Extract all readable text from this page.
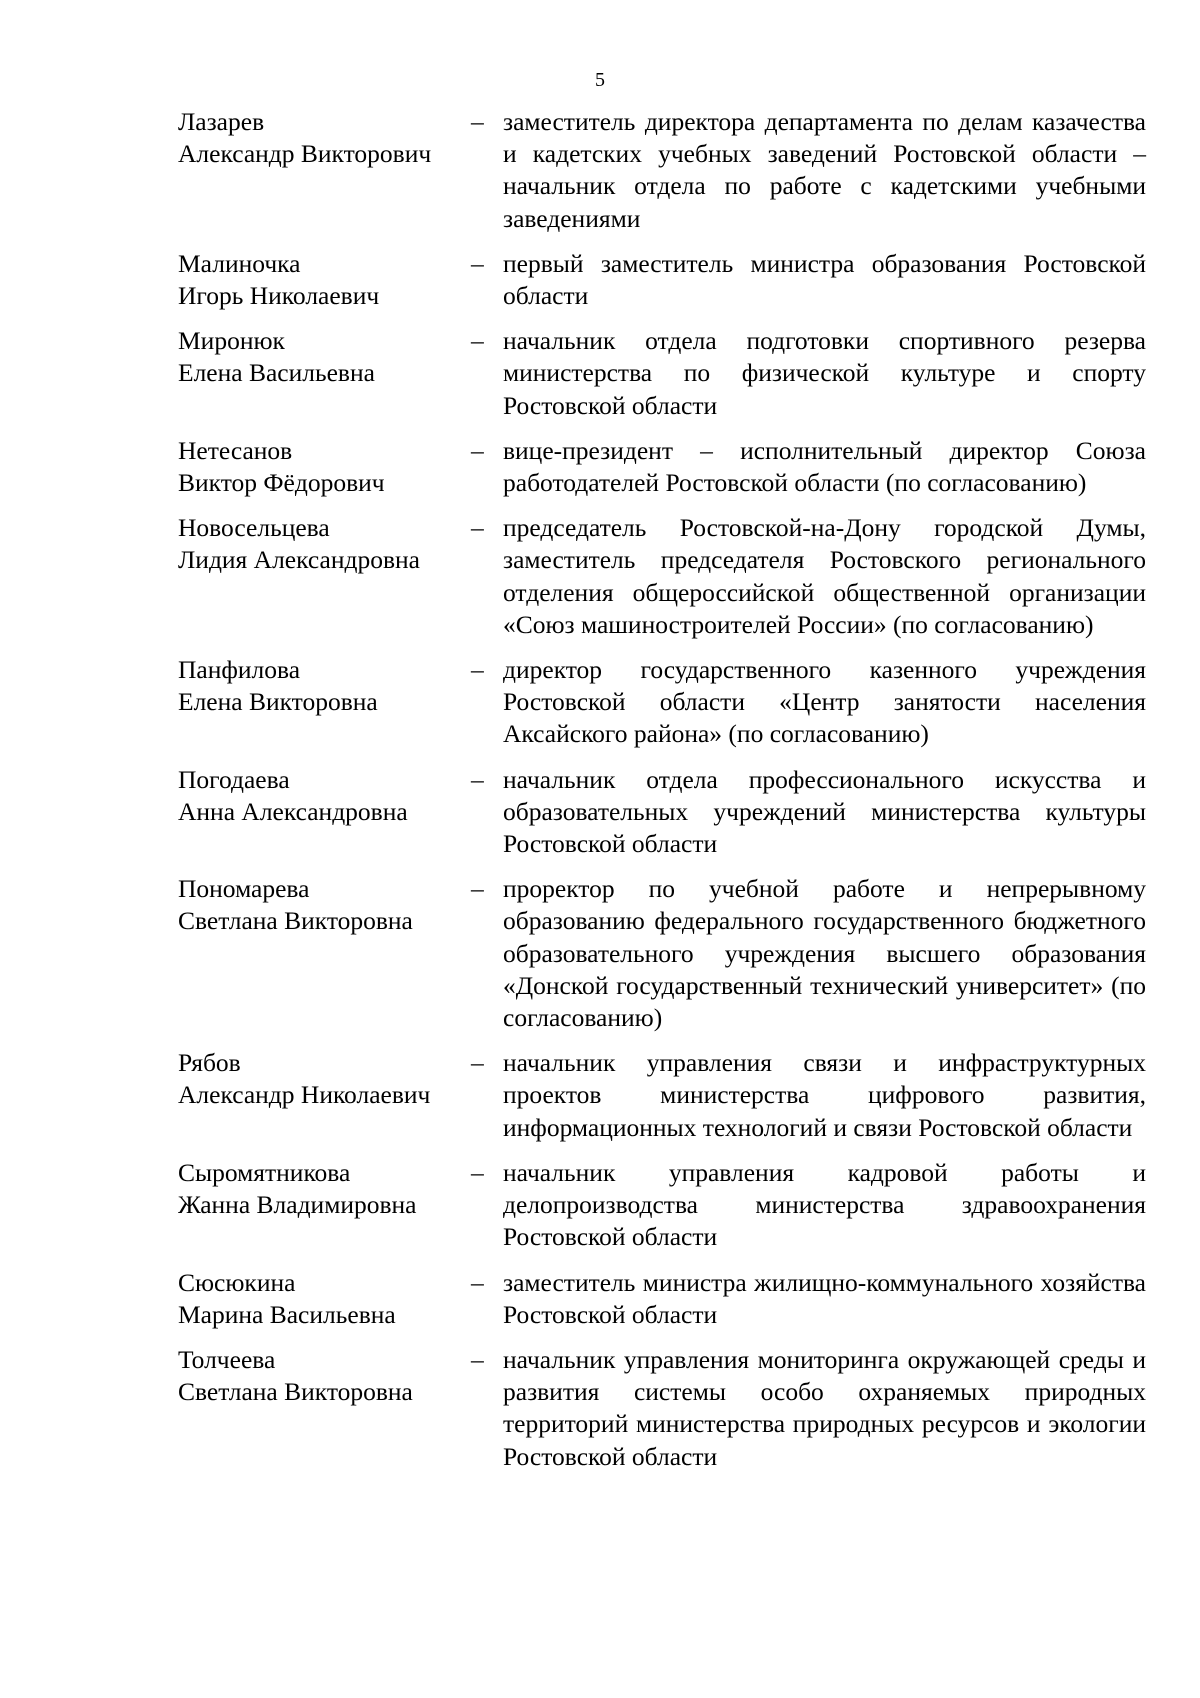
5
Лазарев
Александр Викторович
– заместитель директора департамента по делам казачества и кадетских учебных заведений Ростовской области – начальник отдела по работе с кадетскими учебными заведениями
Малиночка
Игорь Николаевич
– первый заместитель министра образования Ростовской области
Миронюк
Елена Васильевна
– начальник отдела подготовки спортивного резерва министерства по физической культуре и спорту Ростовской области
Нетесанов
Виктор Фёдорович
– вице-президент – исполнительный директор Союза работодателей Ростовской области (по согласованию)
Новосельцева
Лидия Александровна
– председатель Ростовской-на-Дону городской Думы, заместитель председателя Ростовского регионального отделения общероссийской общественной организации «Союз машиностроителей России» (по согласованию)
Панфилова
Елена Викторовна
– директор государственного казенного учреждения Ростовской области «Центр занятости населения Аксайского района» (по согласованию)
Погодаева
Анна Александровна
– начальник отдела профессионального искусства и образовательных учреждений министерства культуры Ростовской области
Пономарева
Светлана Викторовна
– проректор по учебной работе и непрерывному образованию федерального государственного бюджетного образовательного учреждения высшего образования «Донской государственный технический университет» (по согласованию)
Рябов
Александр Николаевич
– начальник управления связи и инфраструктурных проектов министерства цифрового развития, информационных технологий и связи Ростовской области
Сыромятникова
Жанна Владимировна
– начальник управления кадровой работы и делопроизводства министерства здравоохранения Ростовской области
Сюсюкина
Марина Васильевна
– заместитель министра жилищно-коммунального хозяйства Ростовской области
Толчеева
Светлана Викторовна
– начальник управления мониторинга окружающей среды и развития системы особо охраняемых природных территорий министерства природных ресурсов и экологии Ростовской области
